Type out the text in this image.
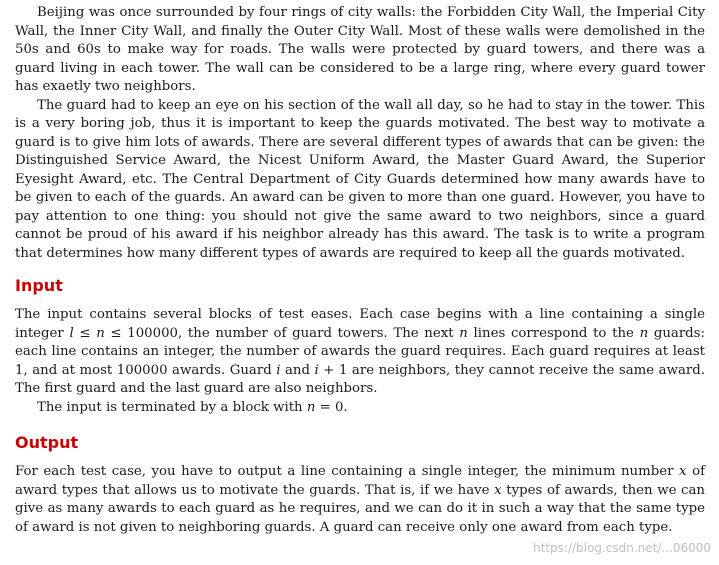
Beijing was once surrounded by four rings of city walls: the Forbidden City Wall, the Imperial City Wall, the Inner City Wall, and finally the Outer City Wall. Most of these walls were demolished in the 50s and 60s to make way for roads. The walls were protected by guard towers, and there was a guard living in each tower. The wall can be considered to be a large ring, where every guard tower has exaetly two neighbors.

The guard had to keep an eye on his section of the wall all day, so he had to stay in the tower. This is a very boring job, thus it is important to keep the guards motivated. The best way to motivate a guard is to give him lots of awards. There are several different types of awards that can be given: the Distinguished Service Award, the Nicest Uniform Award, the Master Guard Award, the Superior Eyesight Award, etc. The Central Department of City Guards determined how many awards have to be given to each of the guards. An award can be given to more than one guard. However, you have to pay attention to one thing: you should not give the same award to two neighbors, since a guard cannot be proud of his award if his neighbor already has this award. The task is to write a program that determines how many different types of awards are required to keep all the guards motivated.

Input

The input contains several blocks of test eases. Each case begins with a line containing a single integer l ≤ n ≤ 100000, the number of guard towers. The next n lines correspond to the n guards: each line contains an integer, the number of awards the guard requires. Each guard requires at least 1, and at most 100000 awards. Guard i and i + 1 are neighbors, they cannot receive the same award. The first guard and the last guard are also neighbors.

The input is terminated by a block with n = 0.

Output

For each test case, you have to output a line containing a single integer, the minimum number x of award types that allows us to motivate the guards. That is, if we have x types of awards, then we can give as many awards to each guard as he requires, and we can do it in such a way that the same type of award is not given to neighboring guards. A guard can receive only one award from each type.

https://blog.csdn.net/...06000
